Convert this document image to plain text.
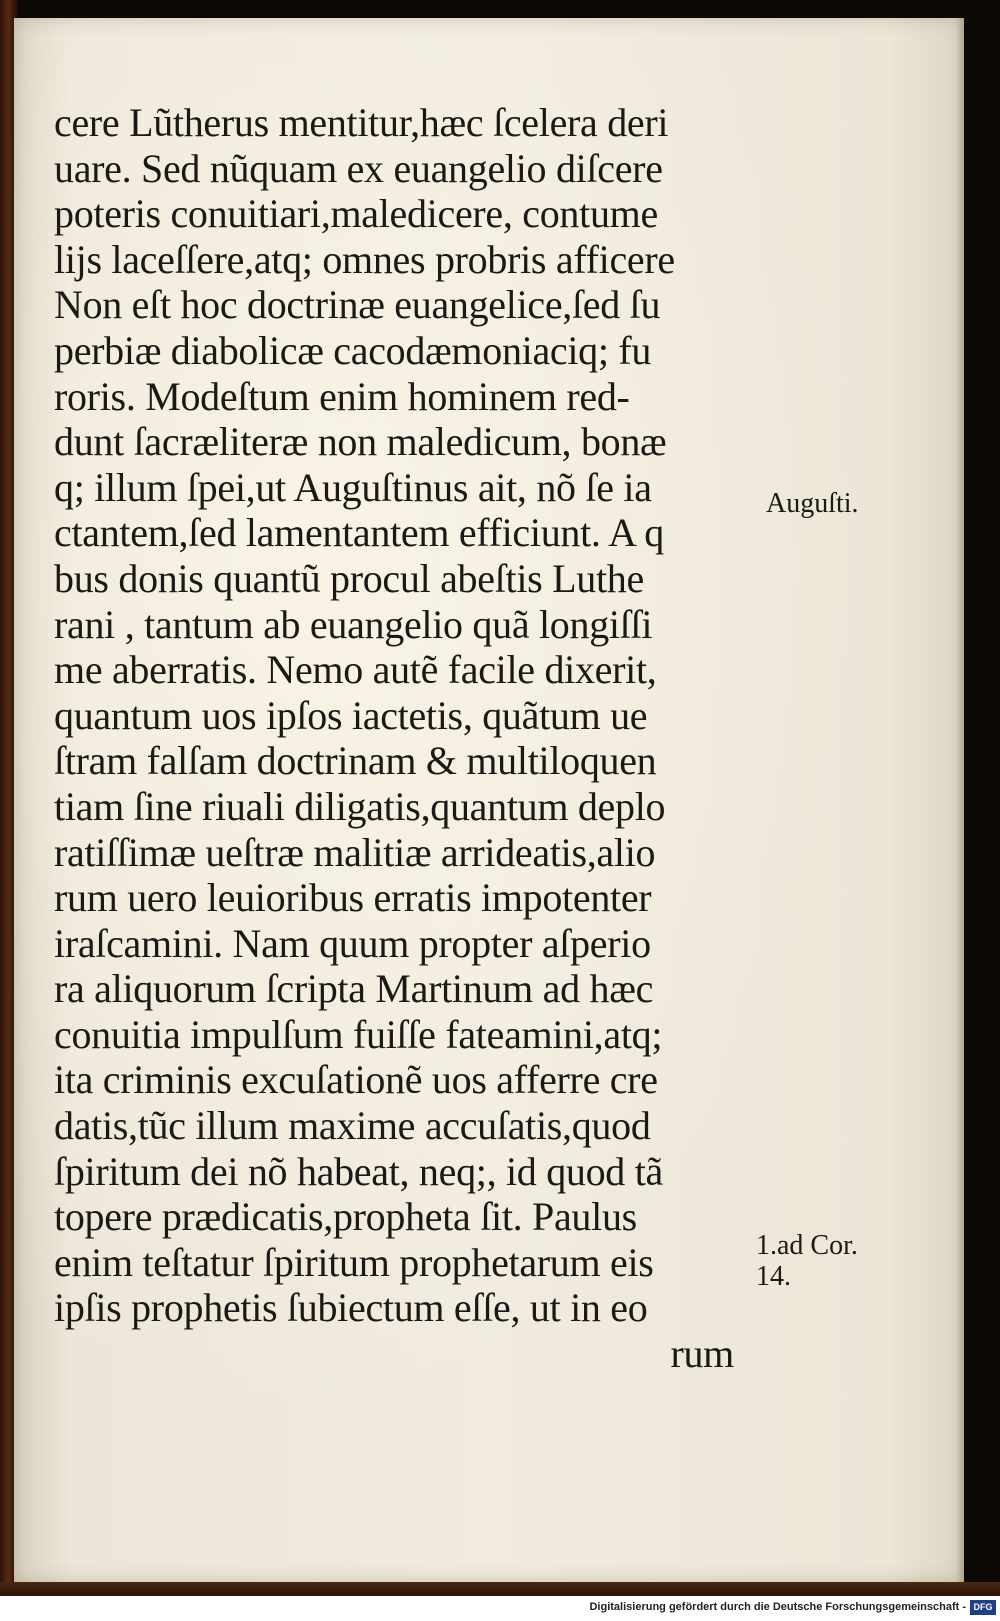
cere Lũtherus mentitur,hæc ſcelera deri
uare. Sed nũquam ex euangelio diſcere
poteris conuitiari,maledicere, contume
lijs laceſſere,atq; omnes probris afficere
Non eſt hoc doctrinæ euangelice,ſed ſu
perbiæ diabolicæ cacodæmoniaciq; fu
roris. Modeſtum enim hominem red-
dunt ſacræliteræ non maledicum, bonæ
q; illum ſpei,ut Auguſtinus ait, nõ ſe ia
ctantem,ſed lamentantem efficiunt. A q
bus donis quantũ procul abeſtis Luthe
rani , tantum ab euangelio quã longiſſi
me aberratis. Nemo autẽ facile dixerit,
quantum uos ipſos iactetis, quãtum ue
ſtram falſam doctrinam & multiloquen
tiam ſine riuali diligatis,quantum deplo
ratiſſimæ ueſtræ malitiæ arrideatis,alio
rum uero leuioribus erratis impotenter
iraſcamini. Nam quum propter aſperio
ra aliquorum ſcripta Martinum ad hæc
conuitia impulſum fuiſſe fateamini,atq;
ita criminis excuſationẽ uos afferre cre
datis,tũc illum maxime accuſatis,quod
ſpiritum dei nõ habeat, neq;, id quod tã
topere prædicatis,propheta ſit. Paulus
enim teſtatur ſpiritum prophetarum eis
ipſis prophetis ſubiectum eſſe, ut in eo
rum
Auguſti.
1.ad Cor.
14.
Digitalisierung gefördert durch die Deutsche Forschungsgemeinschaft - DFG
